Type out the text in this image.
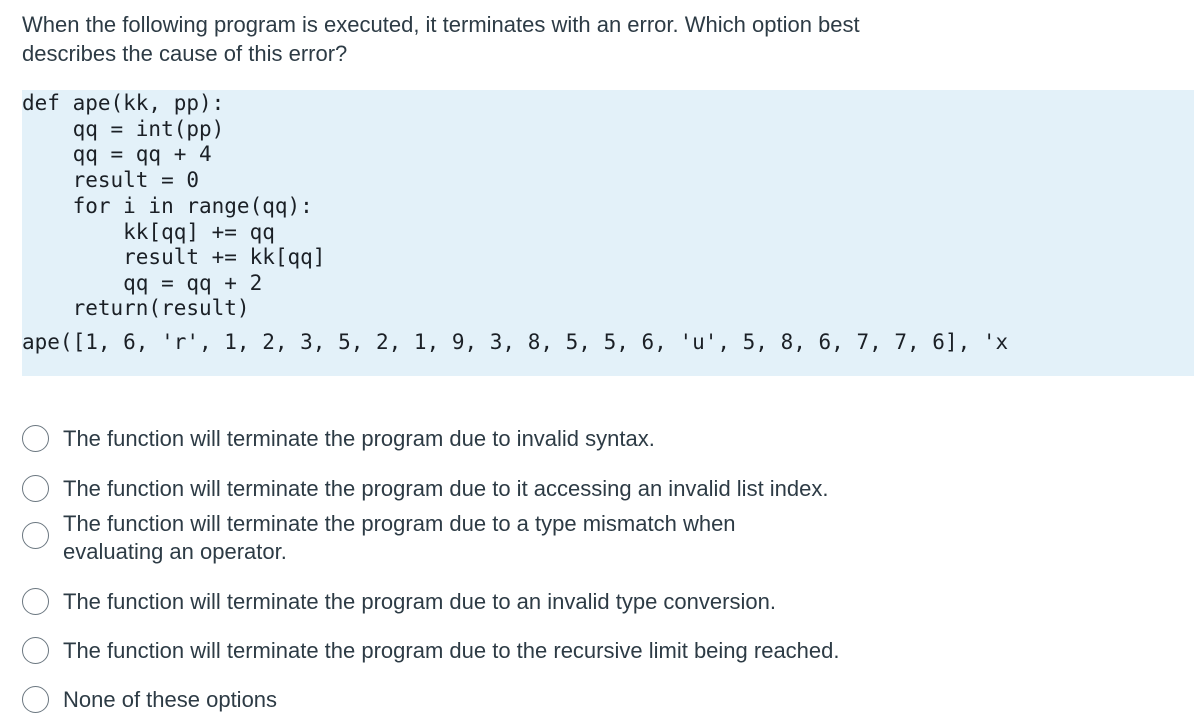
When the following program is executed, it terminates with an error. Which option best describes the cause of this error?

def ape(kk, pp):

qq = int(pp)

qq = qq + 4

result = 0

for i in range(qq):

kk[qq] += qq

result += kk[qq]

qq = qq + 2

return(result)

ape([1, 6, 'r', 1, 2, 3, 5, 2, 1, 9, 3, 8, 5, 5, 6, 'u', 5, 8, 6, 7, 7, 6], 'x

The function will terminate the program due to invalid syntax.
The function will terminate the program due to it accessing an invalid list index.
The function will terminate the program due to a type mismatch when evaluating an operator.
The function will terminate the program due to an invalid type conversion.
The function will terminate the program due to the recursive limit being reached.
None of these options
